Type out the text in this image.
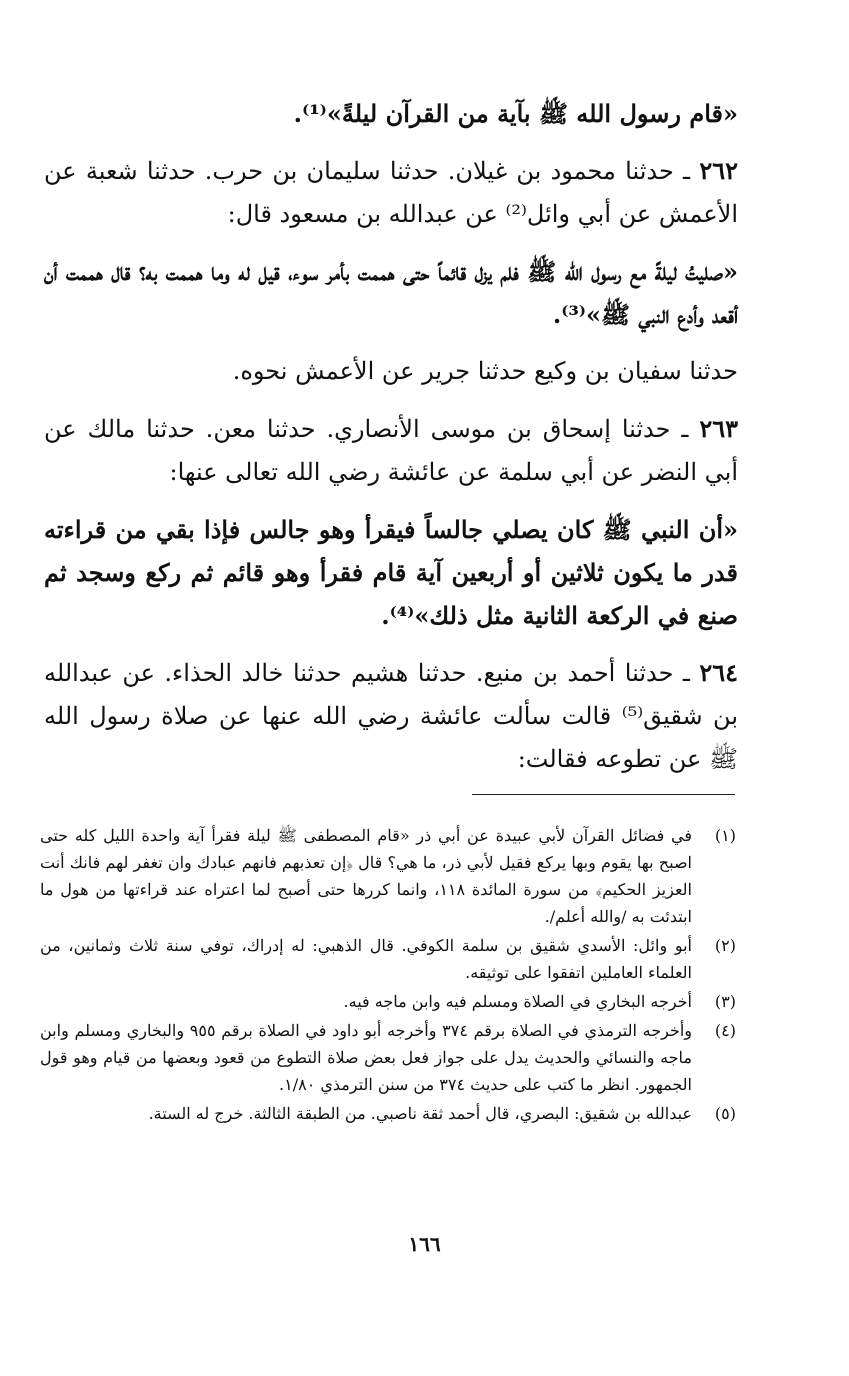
«قام رسول الله ﷺ بآية من القرآن ليلةً»⁽¹⁾.

٢٦٢ ـ حدثنا محمود بن غيلان. حدثنا سليمان بن حرب. حدثنا شعبة عن الأعمش عن أبي وائل⁽²⁾ عن عبدالله بن مسعود قال:

«صليتُ ليلةً مع رسول الله ﷺ فلم يزل قائماً حتى هممت بأمر سوء، قيل له وما هممت به؟ قال هممت أن أقعد وأدع النبي ﷺ»⁽³⁾.

حدثنا سفيان بن وكيع حدثنا جرير عن الأعمش نحوه.

٢٦٣ ـ حدثنا إسحاق بن موسى الأنصاري. حدثنا معن. حدثنا مالك عن أبي النضر عن أبي سلمة عن عائشة رضي الله تعالى عنها:

«أن النبي ﷺ كان يصلي جالساً فيقرأ وهو جالس فإذا بقي من قراءته قدر ما يكون ثلاثين أو أربعين آية قام فقرأ وهو قائم ثم ركع وسجد ثم صنع في الركعة الثانية مثل ذلك»⁽⁴⁾.

٢٦٤ ـ حدثنا أحمد بن منيع. حدثنا هشيم حدثنا خالد الحذاء. عن عبدالله بن شقيق⁽⁵⁾ قالت سألت عائشة رضي الله عنها عن صلاة رسول الله ﷺ عن تطوعه فقالت:

(١)
في فضائل القرآن لأبي عبيدة عن أبي ذر «قام المصطفى ﷺ ليلة فقرأ آية واحدة الليل كله حتى اصبح بها يقوم وبها يركع فقيل لأبي ذر، ما هي؟ قال ﴿إن تعذبهم فانهم عبادك وان تغفر لهم فانك أنت العزيز الحكيم﴾ من سورة المائدة ١١٨، وانما كررها حتى أصبح لما اعتراه عند قراءتها من هول ما ابتدئت به /والله أعلم/.
(٢)
أبو وائل: الأسدي شقيق بن سلمة الكوفي. قال الذهبي: له إدراك، توفي سنة ثلاث وثمانين، من العلماء العاملين اتفقوا على توثيقه.
(٣)
أخرجه البخاري في الصلاة ومسلم فيه وابن ماجه فيه.
(٤)
وأخرجه الترمذي في الصلاة برقم ٣٧٤ وأخرجه أبو داود في الصلاة برقم ٩٥٥ والبخاري ومسلم وابن ماجه والنسائي والحديث يدل على جواز فعل بعض صلاة التطوع من قعود وبعضها من قيام وهو قول الجمهور. انظر ما كتب على حديث ٣٧٤ من سنن الترمذي ١/٨٠.
(٥)
عبدالله بن شقيق: البصري، قال أحمد ثقة ناصبي. من الطبقة الثالثة. خرج له الستة.
١٦٦
